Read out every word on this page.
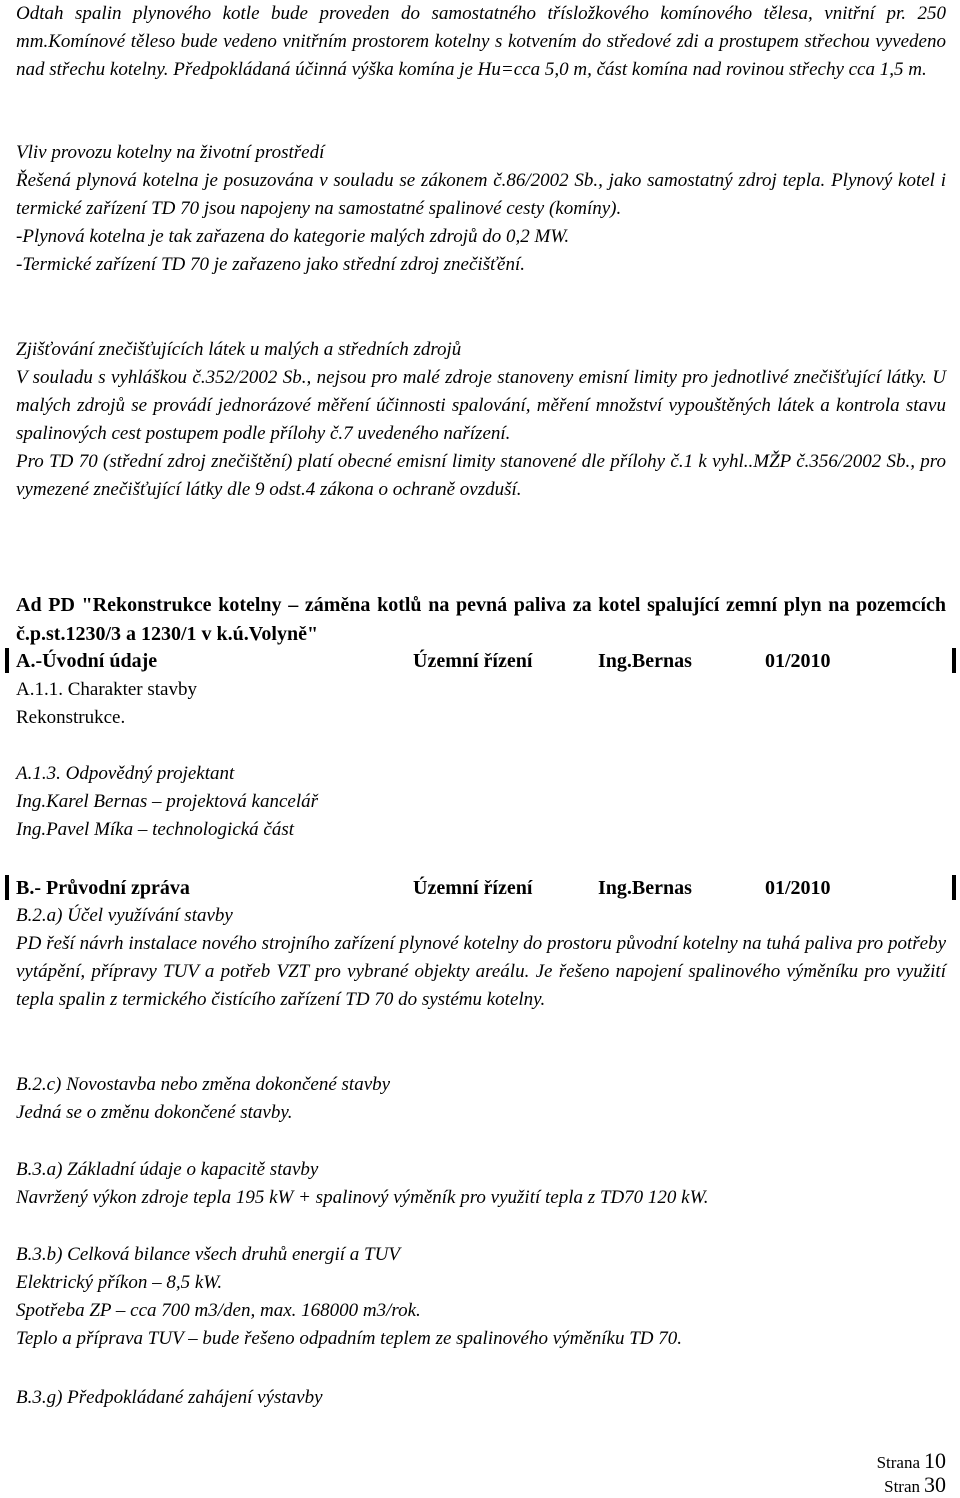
Odtah spalin plynového kotle bude proveden do samostatného třísložkového komínového tělesa, vnitřní pr. 250 mm.Komínové těleso bude vedeno vnitřním prostorem kotelny s kotvením do středové zdi a prostupem střechou vyvedeno nad střechu kotelny. Předpokládaná účinná výška komína je Hu=cca 5,0 m, část komína nad rovinou střechy cca 1,5 m.

Vliv provozu kotelny na životní prostředí

Řešená plynová kotelna je posuzována v souladu se zákonem č.86/2002 Sb., jako samostatný zdroj tepla. Plynový kotel i termické zařízení TD 70 jsou napojeny na samostatné spalinové cesty (komíny).

-Plynová kotelna je tak zařazena do kategorie malých zdrojů do 0,2 MW.

-Termické zařízení TD 70 je zařazeno jako střední zdroj znečišťění.

Zjišťování znečišťujících látek u malých a středních zdrojů

V souladu s vyhláškou č.352/2002 Sb., nejsou pro malé zdroje stanoveny emisní limity pro jednotlivé znečišťující látky. U malých zdrojů se provádí jednorázové měření účinnosti spalování, měření množství vypouštěných látek a kontrola stavu spalinových cest postupem podle přílohy č.7 uvedeného nařízení.

Pro TD 70 (střední zdroj znečištění) platí obecné emisní limity stanovené dle přílohy č.1 k vyhl..MŽP č.356/2002 Sb., pro vymezené znečišťující látky dle 9 odst.4 zákona o ochraně ovzduší.

Ad PD "Rekonstrukce kotelny – záměna kotlů na pevná paliva za kotel spalující zemní plyn na pozemcích č.p.st.1230/3 a 1230/1 v k.ú.Volyně"

A.-Úvodní údaje	Územní řízení	Ing.Bernas	01/2010

A.1.1. Charakter stavby

Rekonstrukce.

A.1.3. Odpovědný projektant

Ing.Karel Bernas – projektová kancelář

Ing.Pavel Míka – technologická část

B.- Průvodní zpráva	Územní řízení	Ing.Bernas	01/2010

B.2.a) Účel využívání stavby

PD řeší návrh instalace nového strojního zařízení plynové kotelny do prostoru původní kotelny na tuhá paliva pro potřeby vytápění, přípravy TUV a potřeb VZT pro vybrané objekty areálu. Je řešeno napojení spalinového výměníku pro využití tepla spalin z termického čistícího zařízení TD 70 do systému kotelny.

B.2.c) Novostavba nebo změna dokončené stavby

Jedná se o změnu dokončené stavby.

B.3.a) Základní údaje o kapacitě stavby

Navržený výkon zdroje tepla 195 kW + spalinový výměník pro využití tepla z TD70 120 kW.

B.3.b) Celková bilance všech druhů energií a TUV

Elektrický příkon – 8,5 kW.

Spotřeba ZP – cca 700 m3/den, max. 168000 m3/rok.

Teplo a příprava TUV – bude řešeno odpadním teplem ze spalinového výměníku TD 70.

B.3.g) Předpokládané zahájení výstavby

Strana 10
Stran 30
